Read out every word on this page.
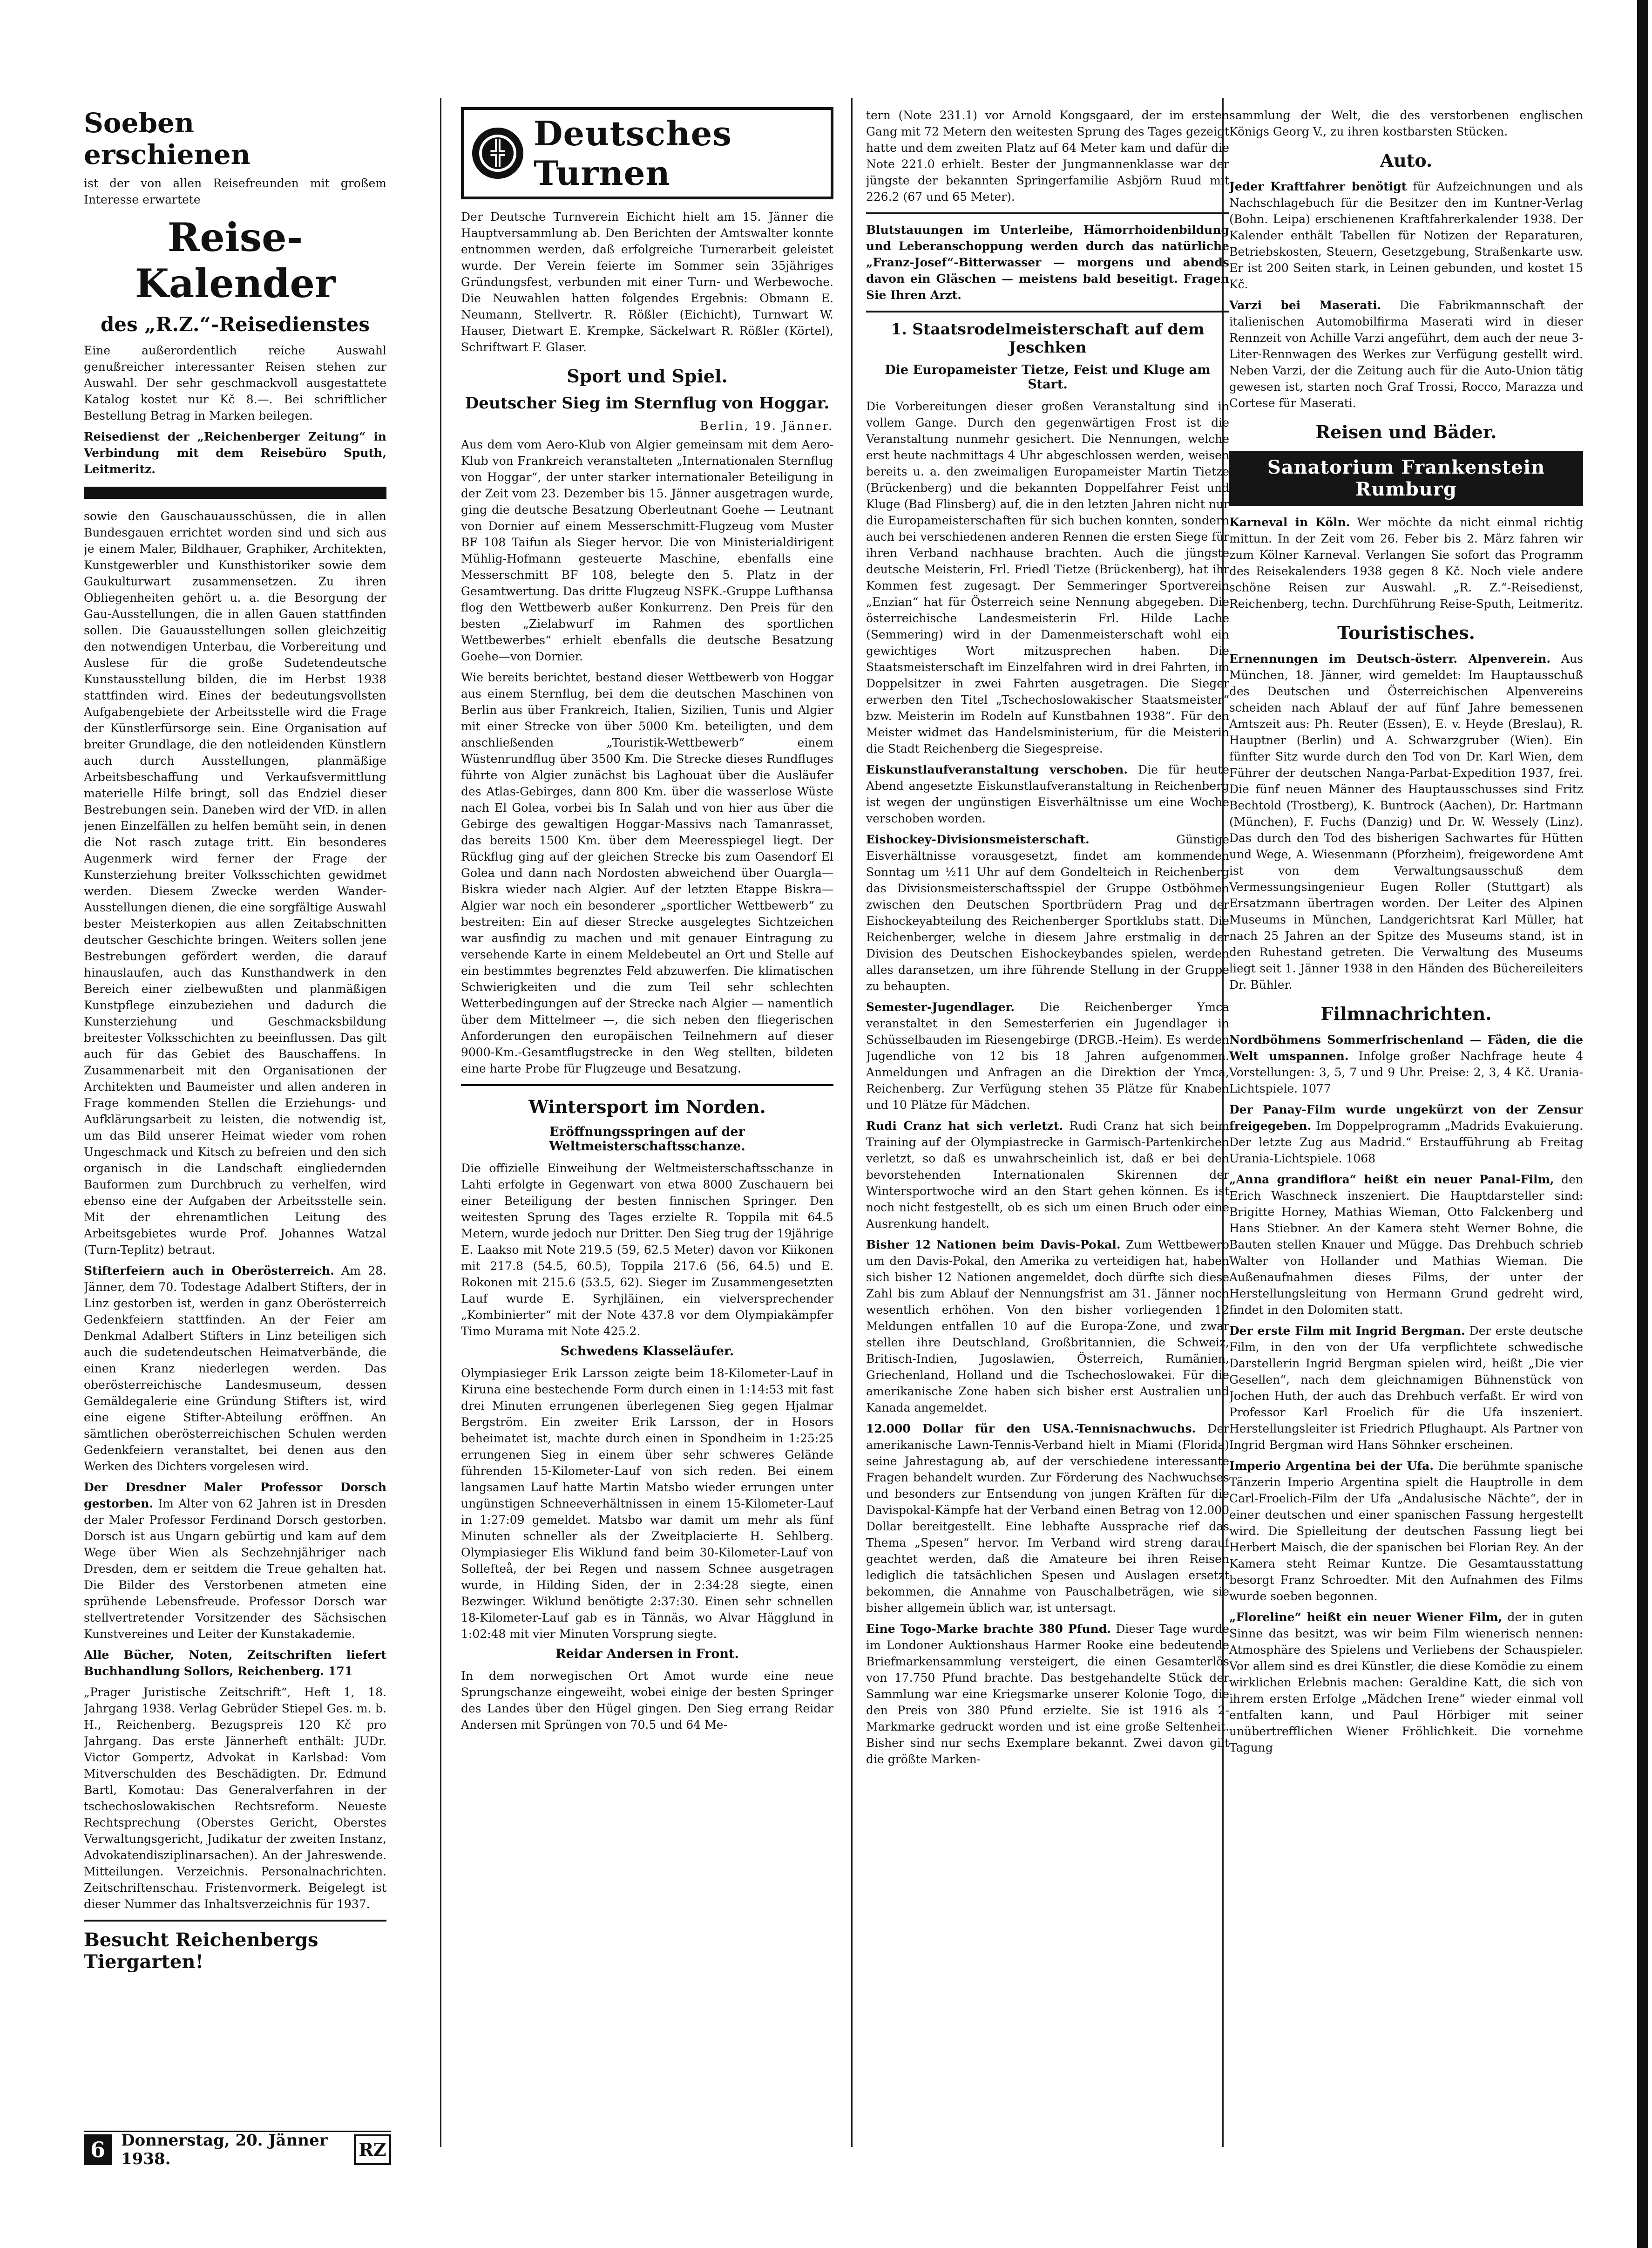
Soeben
erschienen

ist der von allen Reisefreunden mit großem Interesse erwartete

Reise-Kalender
des „R.Z.“-Reisedienstes

Eine außerordentlich reiche Auswahl genußreicher interessanter Reisen stehen zur Auswahl. Der sehr geschmackvoll ausgestattete Katalog kostet nur Kč 8.—. Bei schriftlicher Bestellung Betrag in Marken beilegen.

Reisedienst der „Reichenberger Zeitung“ in Verbindung mit dem Reisebüro Sputh, Leitmeritz.

sowie den Gauschauausschüssen, die in allen Bundesgauen errichtet worden sind und sich aus je einem Maler, Bildhauer, Graphiker, Architekten, Kunstgewerbler und Kunsthistoriker sowie dem Gaukulturwart zusammensetzen. Zu ihren Obliegenheiten gehört u. a. die Besorgung der Gau-Ausstellungen, die in allen Gauen stattfinden sollen. Die Gauausstellungen sollen gleichzeitig den notwendigen Unterbau, die Vorbereitung und Auslese für die große Sudetendeutsche Kunstausstellung bilden, die im Herbst 1938 stattfinden wird. Eines der bedeutungsvollsten Aufgabengebiete der Arbeitsstelle wird die Frage der Künstlerfürsorge sein. Eine Organisation auf breiter Grundlage, die den notleidenden Künstlern auch durch Ausstellungen, planmäßige Arbeitsbeschaffung und Verkaufsvermittlung materielle Hilfe bringt, soll das Endziel dieser Bestrebungen sein. Daneben wird der VfD. in allen jenen Einzelfällen zu helfen bemüht sein, in denen die Not rasch zutage tritt. Ein besonderes Augenmerk wird ferner der Frage der Kunsterziehung breiter Volksschichten gewidmet werden. Diesem Zwecke werden Wander-Ausstellungen dienen, die eine sorgfältige Auswahl bester Meisterkopien aus allen Zeitabschnitten deutscher Geschichte bringen. Weiters sollen jene Bestrebungen gefördert werden, die darauf hinauslaufen, auch das Kunsthandwerk in den Bereich einer zielbewußten und planmäßigen Kunstpflege einzubeziehen und dadurch die Kunsterziehung und Geschmacksbildung breitester Volksschichten zu beeinflussen. Das gilt auch für das Gebiet des Bauschaffens. In Zusammenarbeit mit den Organisationen der Architekten und Baumeister und allen anderen in Frage kommenden Stellen die Erziehungs- und Aufklärungsarbeit zu leisten, die notwendig ist, um das Bild unserer Heimat wieder vom rohen Ungeschmack und Kitsch zu befreien und den sich organisch in die Landschaft eingliedernden Bauformen zum Durchbruch zu verhelfen, wird ebenso eine der Aufgaben der Arbeitsstelle sein. Mit der ehrenamtlichen Leitung des Arbeitsgebietes wurde Prof. Johannes Watzal (Turn-Teplitz) betraut.

Stifterfeiern auch in Oberösterreich. Am 28. Jänner, dem 70. Todestage Adalbert Stifters, der in Linz gestorben ist, werden in ganz Oberösterreich Gedenkfeiern stattfinden. An der Feier am Denkmal Adalbert Stifters in Linz beteiligen sich auch die sudetendeutschen Heimatverbände, die einen Kranz niederlegen werden. Das oberösterreichische Landesmuseum, dessen Gemäldegalerie eine Gründung Stifters ist, wird eine eigene Stifter-Abteilung eröffnen. An sämtlichen oberösterreichischen Schulen werden Gedenkfeiern veranstaltet, bei denen aus den Werken des Dichters vorgelesen wird.

Der Dresdner Maler Professor Dorsch gestorben. Im Alter von 62 Jahren ist in Dresden der Maler Professor Ferdinand Dorsch gestorben. Dorsch ist aus Ungarn gebürtig und kam auf dem Wege über Wien als Sechzehnjähriger nach Dresden, dem er seitdem die Treue gehalten hat. Die Bilder des Verstorbenen atmeten eine sprühende Lebensfreude. Professor Dorsch war stellvertretender Vorsitzender des Sächsischen Kunstvereines und Leiter der Kunstakademie.

Alle Bücher, Noten, Zeitschriften liefert Buchhandlung Sollors, Reichenberg. 171

„Prager Juristische Zeitschrift“, Heft 1, 18. Jahrgang 1938. Verlag Gebrüder Stiepel Ges. m. b. H., Reichenberg. Bezugspreis 120 Kč pro Jahrgang. Das erste Jännerheft enthält: JUDr. Victor Gompertz, Advokat in Karlsbad: Vom Mitverschulden des Beschädigten. Dr. Edmund Bartl, Komotau: Das Generalverfahren in der tschechoslowakischen Rechtsreform. Neueste Rechtsprechung (Oberstes Gericht, Oberstes Verwaltungsgericht, Judikatur der zweiten Instanz, Advokatendisziplinarsachen). An der Jahreswende. Mitteilungen. Verzeichnis. Personalnachrichten. Zeitschriftenschau. Fristenvormerk. Beigelegt ist dieser Nummer das Inhaltsverzeichnis für 1937.

Besucht Reichenbergs Tiergarten!
6	Donnerstag, 20. Jänner 1938.	RZ
╬
Deutsches Turnen

Der Deutsche Turnverein Eichicht hielt am 15. Jänner die Hauptversammlung ab. Den Berichten der Amtswalter konnte entnommen werden, daß erfolgreiche Turnerarbeit geleistet wurde. Der Verein feierte im Sommer sein 35jähriges Gründungsfest, verbunden mit einer Turn- und Werbewoche. Die Neuwahlen hatten folgendes Ergebnis: Obmann E. Neumann, Stellvertr. R. Rößler (Eichicht), Turnwart W. Hauser, Dietwart E. Krempke, Säckelwart R. Rößler (Körtel), Schriftwart F. Glaser.

Sport und Spiel.
Deutscher Sieg im Sternflug von Hoggar.
Berlin, 19. Jänner.

Aus dem vom Aero-Klub von Algier gemeinsam mit dem Aero-Klub von Frankreich veranstalteten „Internationalen Sternflug von Hoggar“, der unter starker internationaler Beteiligung in der Zeit vom 23. Dezember bis 15. Jänner ausgetragen wurde, ging die deutsche Besatzung Oberleutnant Goehe — Leutnant von Dornier auf einem Messerschmitt-Flugzeug vom Muster BF 108 Taifun als Sieger hervor. Die von Ministerialdirigent Mühlig-Hofmann gesteuerte Maschine, ebenfalls eine Messerschmitt BF 108, belegte den 5. Platz in der Gesamtwertung. Das dritte Flugzeug NSFK.-Gruppe Lufthansa flog den Wettbewerb außer Konkurrenz. Den Preis für den besten „Zielabwurf im Rahmen des sportlichen Wettbewerbes“ erhielt ebenfalls die deutsche Besatzung Goehe—von Dornier.

Wie bereits berichtet, bestand dieser Wettbewerb von Hoggar aus einem Sternflug, bei dem die deutschen Maschinen von Berlin aus über Frankreich, Italien, Sizilien, Tunis und Algier mit einer Strecke von über 5000 Km. beteiligten, und dem anschließenden „Touristik-Wettbewerb“ einem Wüstenrundflug über 3500 Km. Die Strecke dieses Rundfluges führte von Algier zunächst bis Laghouat über die Ausläufer des Atlas-Gebirges, dann 800 Km. über die wasserlose Wüste nach El Golea, vorbei bis In Salah und von hier aus über die Gebirge des gewaltigen Hoggar-Massivs nach Tamanrasset, das bereits 1500 Km. über dem Meeresspiegel liegt. Der Rückflug ging auf der gleichen Strecke bis zum Oasendorf El Golea und dann nach Nordosten abweichend über Ouargla—Biskra wieder nach Algier. Auf der letzten Etappe Biskra—Algier war noch ein besonderer „sportlicher Wettbewerb“ zu bestreiten: Ein auf dieser Strecke ausgelegtes Sichtzeichen war ausfindig zu machen und mit genauer Eintragung zu versehende Karte in einem Meldebeutel an Ort und Stelle auf ein bestimmtes begrenztes Feld abzuwerfen. Die klimatischen Schwierigkeiten und die zum Teil sehr schlechten Wetterbedingungen auf der Strecke nach Algier — namentlich über dem Mittelmeer —, die sich neben den fliegerischen Anforderungen den europäischen Teilnehmern auf dieser 9000-Km.-Gesamtflugstrecke in den Weg stellten, bildeten eine harte Probe für Flugzeuge und Besatzung.

Wintersport im Norden.
Eröffnungsspringen auf der Weltmeisterschaftsschanze.

Die offizielle Einweihung der Weltmeisterschaftsschanze in Lahti erfolgte in Gegenwart von etwa 8000 Zuschauern bei einer Beteiligung der besten finnischen Springer. Den weitesten Sprung des Tages erzielte R. Toppila mit 64.5 Metern, wurde jedoch nur Dritter. Den Sieg trug der 19jährige E. Laakso mit Note 219.5 (59, 62.5 Meter) davon vor Kiikonen mit 217.8 (54.5, 60.5), Toppila 217.6 (56, 64.5) und E. Rokonen mit 215.6 (53.5, 62). Sieger im Zusammengesetzten Lauf wurde E. Syrhjläinen, ein vielversprechender „Kombinierter“ mit der Note 437.8 vor dem Olympiakämpfer Timo Murama mit Note 425.2.

Schwedens Klasseläufer.

Olympiasieger Erik Larsson zeigte beim 18-Kilometer-Lauf in Kiruna eine bestechende Form durch einen in 1:14:53 mit fast drei Minuten errungenen überlegenen Sieg gegen Hjalmar Bergström. Ein zweiter Erik Larsson, der in Hosors beheimatet ist, machte durch einen in Spondheim in 1:25:25 errungenen Sieg in einem über sehr schweres Gelände führenden 15-Kilometer-Lauf von sich reden. Bei einem langsamen Lauf hatte Martin Matsbo wieder errungen unter ungünstigen Schneeverhältnissen in einem 15-Kilometer-Lauf in 1:27:09 gemeldet. Matsbo war damit um mehr als fünf Minuten schneller als der Zweitplacierte H. Sehlberg. Olympiasieger Elis Wiklund fand beim 30-Kilometer-Lauf von Sollefteå, der bei Regen und nassem Schnee ausgetragen wurde, in Hilding Siden, der in 2:34:28 siegte, einen Bezwinger. Wiklund benötigte 2:37:30. Einen sehr schnellen 18-Kilometer-Lauf gab es in Tännäs, wo Alvar Hägglund in 1:02:48 mit vier Minuten Vorsprung siegte.

Reidar Andersen in Front.

In dem norwegischen Ort Amot wurde eine neue Sprungschanze eingeweiht, wobei einige der besten Springer des Landes über den Hügel gingen. Den Sieg errang Reidar Andersen mit Sprüngen von 70.5 und 64 Me-

tern (Note 231.1) vor Arnold Kongsgaard, der im ersten Gang mit 72 Metern den weitesten Sprung des Tages gezeigt hatte und dem zweiten Platz auf 64 Meter kam und dafür die Note 221.0 erhielt. Bester der Jungmannenklasse war der jüngste der bekannten Springerfamilie Asbjörn Ruud mit 226.2 (67 und 65 Meter).

Blutstauungen im Unterleibe, Hämorrhoidenbildung und Leberanschoppung werden durch das natürliche „Franz-Josef“-Bitterwasser — morgens und abends davon ein Gläschen — meistens bald beseitigt. Fragen Sie Ihren Arzt.

1. Staatsrodelmeisterschaft auf dem Jeschken
Die Europameister Tietze, Feist und Kluge am Start.

Die Vorbereitungen dieser großen Veranstaltung sind in vollem Gange. Durch den gegenwärtigen Frost ist die Veranstaltung nunmehr gesichert. Die Nennungen, welche erst heute nachmittags 4 Uhr abgeschlossen werden, weisen bereits u. a. den zweimaligen Europameister Martin Tietze (Brückenberg) und die bekannten Doppelfahrer Feist und Kluge (Bad Flinsberg) auf, die in den letzten Jahren nicht nur die Europameisterschaften für sich buchen konnten, sondern auch bei verschiedenen anderen Rennen die ersten Siege für ihren Verband nachhause brachten. Auch die jüngste deutsche Meisterin, Frl. Friedl Tietze (Brückenberg), hat ihr Kommen fest zugesagt. Der Semmeringer Sportverein „Enzian“ hat für Österreich seine Nennung abgegeben. Die österreichische Landesmeisterin Frl. Hilde Lache (Semmering) wird in der Damenmeisterschaft wohl ein gewichtiges Wort mitzusprechen haben. Die Staatsmeisterschaft im Einzelfahren wird in drei Fahrten, im Doppelsitzer in zwei Fahrten ausgetragen. Die Sieger erwerben den Titel „Tschechoslowakischer Staatsmeister“ bzw. Meisterin im Rodeln auf Kunstbahnen 1938“. Für den Meister widmet das Handelsministerium, für die Meisterin die Stadt Reichenberg die Siegespreise.

Eiskunstlaufveranstaltung verschoben. Die für heute Abend angesetzte Eiskunstlaufveranstaltung in Reichenberg ist wegen der ungünstigen Eisverhältnisse um eine Woche verschoben worden.

Eishockey-Divisionsmeisterschaft.	Günstige Eisverhältnisse vorausgesetzt, findet am kommenden Sonntag um ½11 Uhr auf dem Gondelteich in Reichenberg das Divisionsmeisterschaftsspiel der Gruppe Ostböhmen zwischen den Deutschen Sportbrüdern Prag und der Eishockeyabteilung des Reichenberger Sportklubs statt. Die Reichenberger, welche in diesem Jahre erstmalig in der Division des Deutschen Eishockeybandes spielen, werden alles daransetzen, um ihre führende Stellung in der Gruppe zu behaupten.

Semester-Jugendlager. Die Reichenberger Ymca veranstaltet in den Semesterferien ein Jugendlager in Schüsselbauden im Riesengebirge (DRGB.-Heim). Es werden Jugendliche von 12 bis 18 Jahren aufgenommen. Anmeldungen und Anfragen an die Direktion der Ymca, Reichenberg. Zur Verfügung stehen 35 Plätze für Knaben und 10 Plätze für Mädchen.

Rudi Cranz hat sich verletzt. Rudi Cranz hat sich beim Training auf der Olympiastrecke in Garmisch-Partenkirchen verletzt, so daß es unwahrscheinlich ist, daß er bei den bevorstehenden Internationalen Skirennen der Wintersportwoche wird an den Start gehen können. Es ist noch nicht festgestellt, ob es sich um einen Bruch oder eine Ausrenkung handelt.

Bisher 12 Nationen beim Davis-Pokal. Zum Wettbewerb um den Davis-Pokal, den Amerika zu verteidigen hat, haben sich bisher 12 Nationen angemeldet, doch dürfte sich diese Zahl bis zum Ablauf der Nennungsfrist am 31. Jänner noch wesentlich erhöhen. Von den bisher vorliegenden 12 Meldungen entfallen 10 auf die Europa-Zone, und zwar stellen ihre Deutschland, Großbritannien, die Schweiz, Britisch-Indien, Jugoslawien, Österreich, Rumänien, Griechenland, Holland und die Tschechoslowakei. Für die amerikanische Zone haben sich bisher erst Australien und Kanada angemeldet.

12.000 Dollar für den USA.-Tennisnachwuchs. Der amerikanische Lawn-Tennis-Verband hielt in Miami (Florida) seine Jahrestagung ab, auf der verschiedene interessante Fragen behandelt wurden. Zur Förderung des Nachwuchses und besonders zur Entsendung von jungen Kräften für die Davispokal-Kämpfe hat der Verband einen Betrag von 12.000 Dollar bereitgestellt. Eine lebhafte Aussprache rief das Thema „Spesen“ hervor. Im Verband wird streng darauf geachtet werden, daß die Amateure bei ihren Reisen lediglich die tatsächlichen Spesen und Auslagen ersetzt bekommen, die Annahme von Pauschalbeträgen, wie sie bisher allgemein üblich war, ist untersagt.

Eine Togo-Marke brachte 380 Pfund. Dieser Tage wurde im Londoner Auktionshaus Harmer Rooke eine bedeutende Briefmarkensammlung versteigert, die einen Gesamterlös von 17.750 Pfund brachte. Das bestgehandelte Stück der Sammlung war eine Kriegsmarke unserer Kolonie Togo, die den Preis von 380 Pfund erzielte. Sie ist 1916 als 2-Markmarke gedruckt worden und ist eine große Seltenheit. Bisher sind nur sechs Exemplare bekannt. Zwei davon gilt die größte Marken-

sammlung der Welt, die des verstorbenen englischen Königs Georg V., zu ihren kostbarsten Stücken.

Auto.

Jeder Kraftfahrer benötigt für Aufzeichnungen und als Nachschlagebuch für die Besitzer den im Kuntner-Verlag (Bohn. Leipa) erschienenen Kraftfahrerkalender 1938. Der Kalender enthält Tabellen für Notizen der Reparaturen, Betriebskosten, Steuern, Gesetzgebung, Straßenkarte usw. Er ist 200 Seiten stark, in Leinen gebunden, und kostet 15 Kč.

Varzi bei Maserati. Die Fabrikmannschaft der italienischen Automobilfirma Maserati wird in dieser Rennzeit von Achille Varzi angeführt, dem auch der neue 3-Liter-Rennwagen des Werkes zur Verfügung gestellt wird. Neben Varzi, der die Zeitung auch für die Auto-Union tätig gewesen ist, starten noch Graf Trossi, Rocco, Marazza und Cortese für Maserati.

Reisen und Bäder.
Sanatorium Frankenstein Rumburg

Karneval in Köln. Wer möchte da nicht einmal richtig mittun. In der Zeit vom 26. Feber bis 2. März fahren wir zum Kölner Karneval. Verlangen Sie sofort das Programm des Reisekalenders 1938 gegen 8 Kč. Noch viele andere schöne Reisen zur Auswahl. „R. Z.“-Reisedienst, Reichenberg, techn. Durchführung Reise-Sputh, Leitmeritz.

Touristisches.

Ernennungen im Deutsch-österr. Alpenverein. Aus München, 18. Jänner, wird gemeldet: Im Hauptausschuß des Deutschen und Österreichischen Alpenvereins scheiden nach Ablauf der auf fünf Jahre bemessenen Amtszeit aus: Ph. Reuter (Essen), E. v. Heyde (Breslau), R. Hauptner (Berlin) und A. Schwarzgruber (Wien). Ein fünfter Sitz wurde durch den Tod von Dr. Karl Wien, dem Führer der deutschen Nanga-Parbat-Expedition 1937, frei. Die fünf neuen Männer des Hauptausschusses sind Fritz Bechtold (Trostberg), K. Buntrock (Aachen), Dr. Hartmann (München), F. Fuchs (Danzig) und Dr. W. Wessely (Linz). Das durch den Tod des bisherigen Sachwartes für Hütten und Wege, A. Wiesenmann (Pforzheim), freigewordene Amt ist von dem Verwaltungsausschuß dem Vermessungsingenieur Eugen Roller (Stuttgart) als Ersatzmann übertragen worden. Der Leiter des Alpinen Museums in München, Landgerichtsrat Karl Müller, hat nach 25 Jahren an der Spitze des Museums stand, ist in den Ruhestand getreten. Die Verwaltung des Museums liegt seit 1. Jänner 1938 in den Händen des Büchereileiters Dr. Bühler.

Filmnachrichten.

Nordböhmens Sommerfrischenland — Fäden, die die Welt umspannen. Infolge großer Nachfrage heute 4 Vorstellungen: 3, 5, 7 und 9 Uhr. Preise: 2, 3, 4 Kč. Urania-Lichtspiele. 1077

Der Panay-Film wurde ungekürzt von der Zensur freigegeben. Im Doppelprogramm „Madrids Evakuierung. Der letzte Zug aus Madrid.“ Erstaufführung ab Freitag Urania-Lichtspiele. 1068

„Anna grandiflora“ heißt ein neuer Panal-Film, den Erich Waschneck inszeniert. Die Hauptdarsteller sind: Brigitte Horney, Mathias Wieman, Otto Falckenberg und Hans Stiebner. An der Kamera steht Werner Bohne, die Bauten stellen Knauer und Mügge. Das Drehbuch schrieb Walter von Hollander und Mathias Wieman. Die Außenaufnahmen dieses Films, der unter der Herstellungsleitung von Hermann Grund gedreht wird, findet in den Dolomiten statt.

Der erste Film mit Ingrid Bergman. Der erste deutsche Film, in den von der Ufa verpflichtete schwedische Darstellerin Ingrid Bergman spielen wird, heißt „Die vier Gesellen“, nach dem gleichnamigen Bühnenstück von Jochen Huth, der auch das Drehbuch verfaßt. Er wird von Professor Karl Froelich für die Ufa inszeniert. Herstellungsleiter ist Friedrich Pflughaupt. Als Partner von Ingrid Bergman wird Hans Söhnker erscheinen.

Imperio Argentina bei der Ufa. Die berühmte spanische Tänzerin Imperio Argentina spielt die Hauptrolle in dem Carl-Froelich-Film der Ufa „Andalusische Nächte“, der in einer deutschen und einer spanischen Fassung hergestellt wird. Die Spielleitung der deutschen Fassung liegt bei Herbert Maisch, die der spanischen bei Florian Rey. An der Kamera steht Reimar Kuntze. Die Gesamtausstattung besorgt Franz Schroedter. Mit den Aufnahmen des Films wurde soeben begonnen.

„Floreline“ heißt ein neuer Wiener Film, der in guten Sinne das besitzt, was wir beim Film wienerisch nennen: Atmosphäre des Spielens und Verliebens der Schauspieler. Vor allem sind es drei Künstler, die diese Komödie zu einem wirklichen Erlebnis machen: Geraldine Katt, die sich von ihrem ersten Erfolge „Mädchen Irene“ wieder einmal voll entfalten kann, und Paul Hörbiger mit seiner unübertrefflichen Wiener Fröhlichkeit. Die vornehme Tagung
